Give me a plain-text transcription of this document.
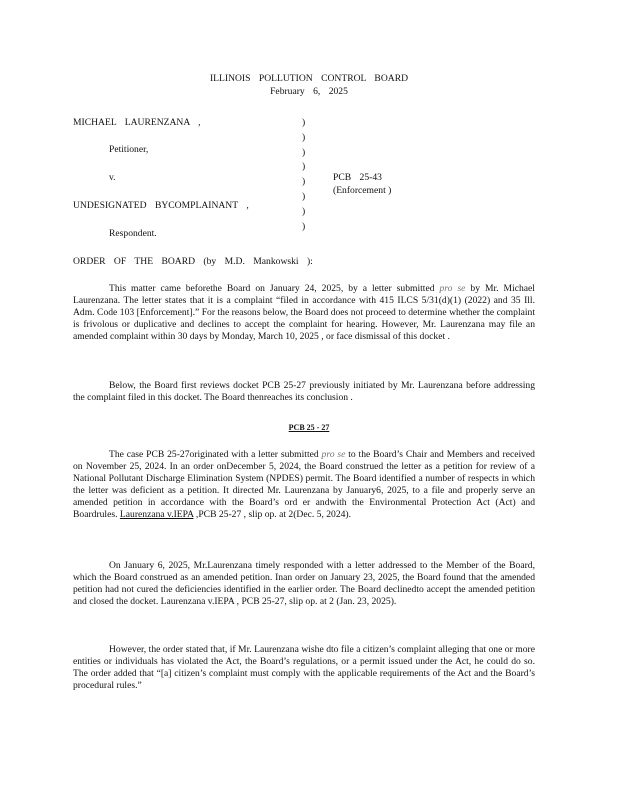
ILLINOIS POLLUTION CONTROL BOARD
February 6, 2025
MICHAEL LAURENZANA ,
Petitioner,
v.
UNDESIGNATED BYCOMPLAINANT ,
Respondent.
)
)
)
)
)
)
)
)
PCB 25-43
(Enforcement )
ORDER OF THE BOARD (by M.D. Mankowski ):

This matter came beforethe Board on January 24, 2025, by a letter submitted pro se by Mr. Michael Laurenzana. The letter states that it is a complaint “filed in accordance with 415 ILCS 5/31(d)(1) (2022) and 35 Ill. Adm. Code 103 [Enforcement].” For the reasons below, the Board does not proceed to determine whether the complaint is frivolous or duplicative and declines to accept the complaint for hearing. However, Mr. Laurenzana may file an amended complaint within 30 days by Monday, March 10, 2025 , or face dismissal of this docket .

Below, the Board first reviews docket PCB 25-27 previously initiated by Mr. Laurenzana before addressing the complaint filed in this docket. The Board thenreaches its conclusion .

PCB 25 - 27

The case PCB 25-27originated with a letter submitted pro se to the Board’s Chair and Members and received on November 25, 2024. In an order onDecember 5, 2024, the Board construed the letter as a petition for review of a National Pollutant Discharge Elimination System (NPDES) permit. The Board identified a number of respects in which the letter was deficient as a petition. It directed Mr. Laurenzana by January6, 2025, to a file and properly serve an amended petition in accordance with the Board’s ord er andwith the Environmental Protection Act (Act) and Boardrules. Laurenzana v.IEPA ,PCB 25-27 , slip op. at 2(Dec. 5, 2024).

On January 6, 2025, Mr.Laurenzana timely responded with a letter addressed to the Member of the Board, which the Board construed as an amended petition. Inan order on January 23, 2025, the Board found that the amended petition had not cured the deficiencies identified in the earlier order. The Board declinedto accept the amended petition and closed the docket. Laurenzana v.IEPA , PCB 25-27, slip op. at 2 (Jan. 23, 2025).

However, the order stated that, if Mr. Laurenzana wishe dto file a citizen’s complaint alleging that one or more entities or individuals has violated the Act, the Board’s regulations, or a permit issued under the Act, he could do so. The order added that “[a] citizen’s complaint must comply with the applicable requirements of the Act and the Board’s procedural rules.”
